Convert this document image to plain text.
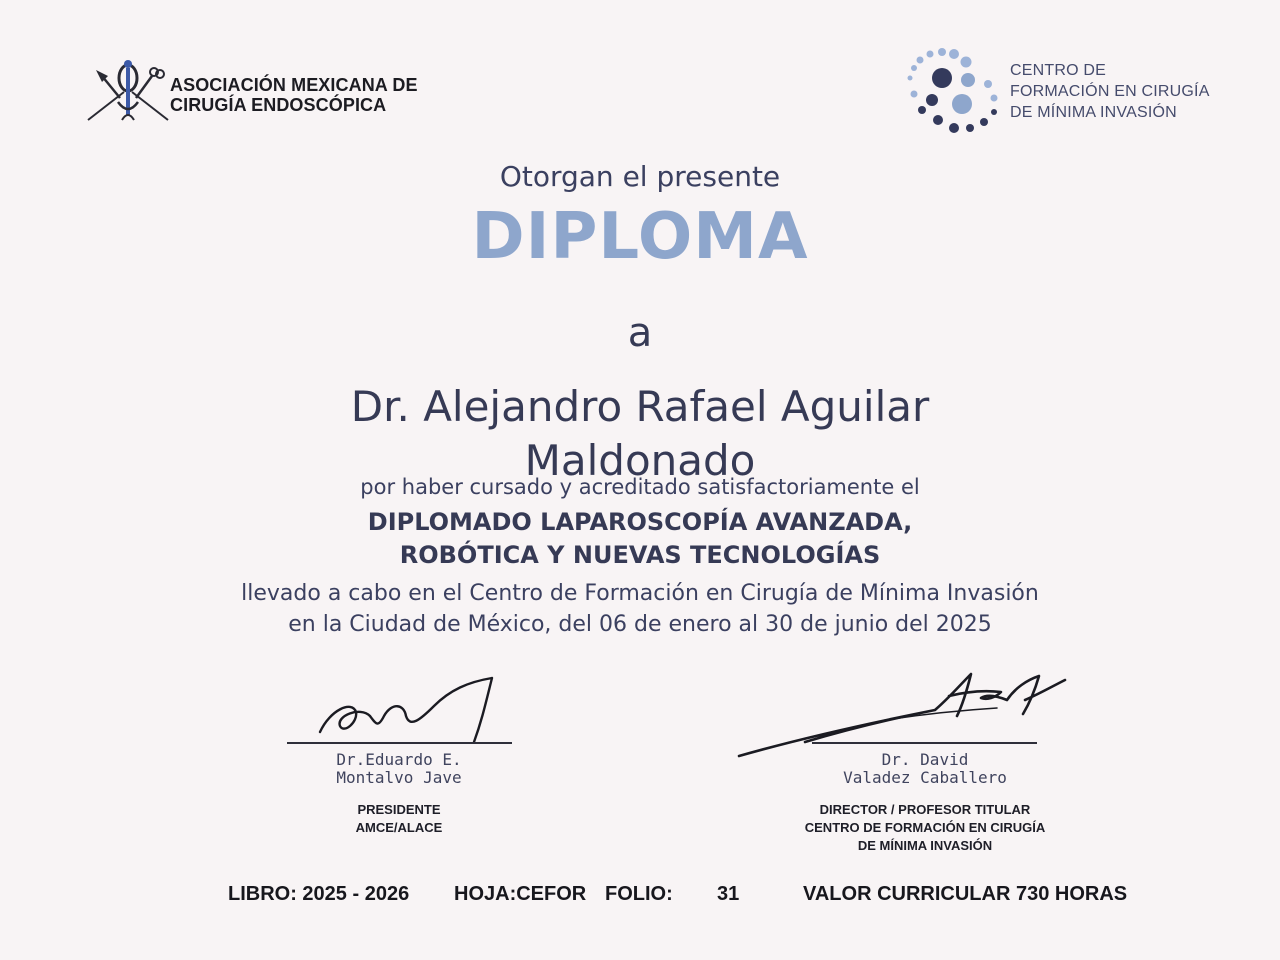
ASOCIACIÓN MEXICANA DE
CIRUGÍA ENDOSCÓPICA
CENTRO DE
FORMACIÓN EN CIRUGÍA
DE MÍNIMA INVASIÓN
Otorgan el presente
DIPLOMA
a
Dr. Alejandro Rafael Aguilar
Maldonado
por haber cursado y acreditado satisfactoriamente el
DIPLOMADO LAPAROSCOPÍA AVANZADA,
ROBÓTICA Y NUEVAS TECNOLOGÍAS
llevado a cabo en el Centro de Formación en Cirugía de Mínima Invasión
en la Ciudad de México, del 06 de enero al 30 de junio del 2025
Dr.Eduardo E.
Montalvo Jave
PRESIDENTE
AMCE/ALACE
Dr. David
Valadez Caballero
DIRECTOR / PROFESOR TITULAR
CENTRO DE FORMACIÓN EN CIRUGÍA
DE MÍNIMA INVASIÓN
LIBRO: 2025 - 2026 HOJA:CEFOR FOLIO: 31	VALOR CURRICULAR 730 HORAS
